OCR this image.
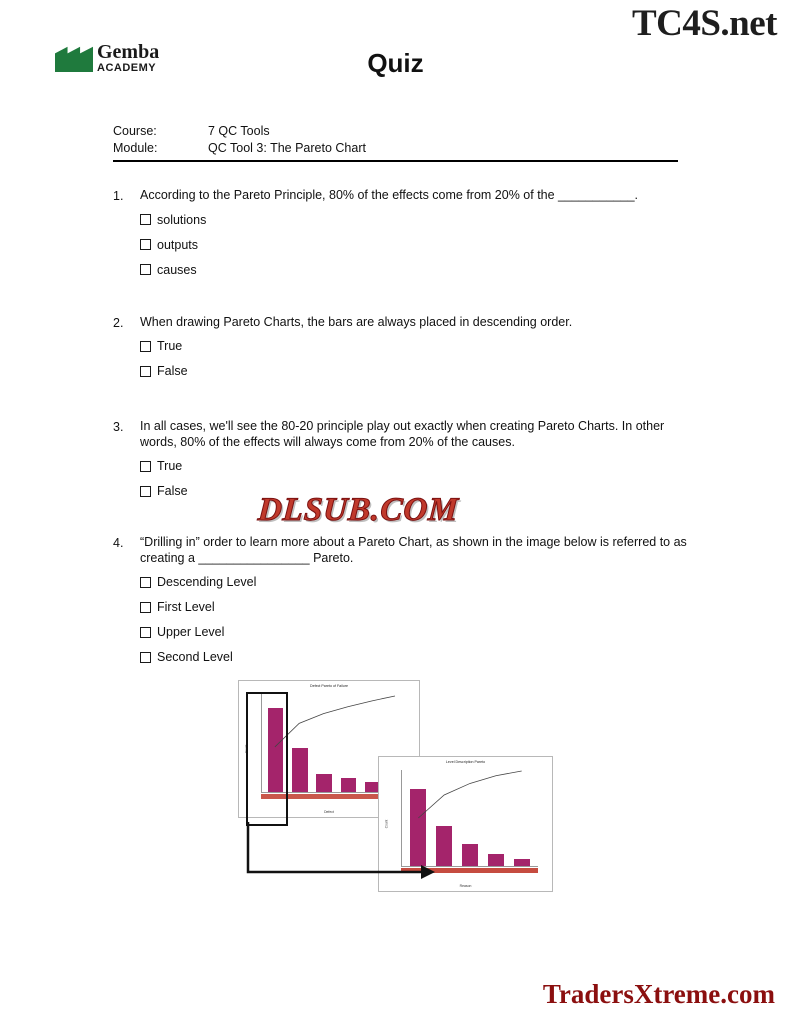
TC4S.net
Gemba
ACADEMY	Quiz
Course:	7 QC Tools
Module:	QC Tool 3: The Pareto Chart
1.	According to the Pareto Principle, 80% of the effects come from 20% of the ___________.
solutions
outputs
causes
2.	When drawing Pareto Charts, the bars are always placed in descending order.
True
False
3.	In all cases, we'll see the 80-20 principle play out exactly when creating Pareto Charts. In other words, 80% of the effects will always come from 20% of the causes.
True
False
4.	“Drilling in” order to learn more about a Pareto Chart, as shown in the image below is referred to as creating a ________________ Pareto.
Descending Level
First Level
Upper Level
Second Level
Defect Pareto of Failure
Count
Defect
Level Description Pareto
Count
Reason
DLSUB.COM
TradersXtreme.com
